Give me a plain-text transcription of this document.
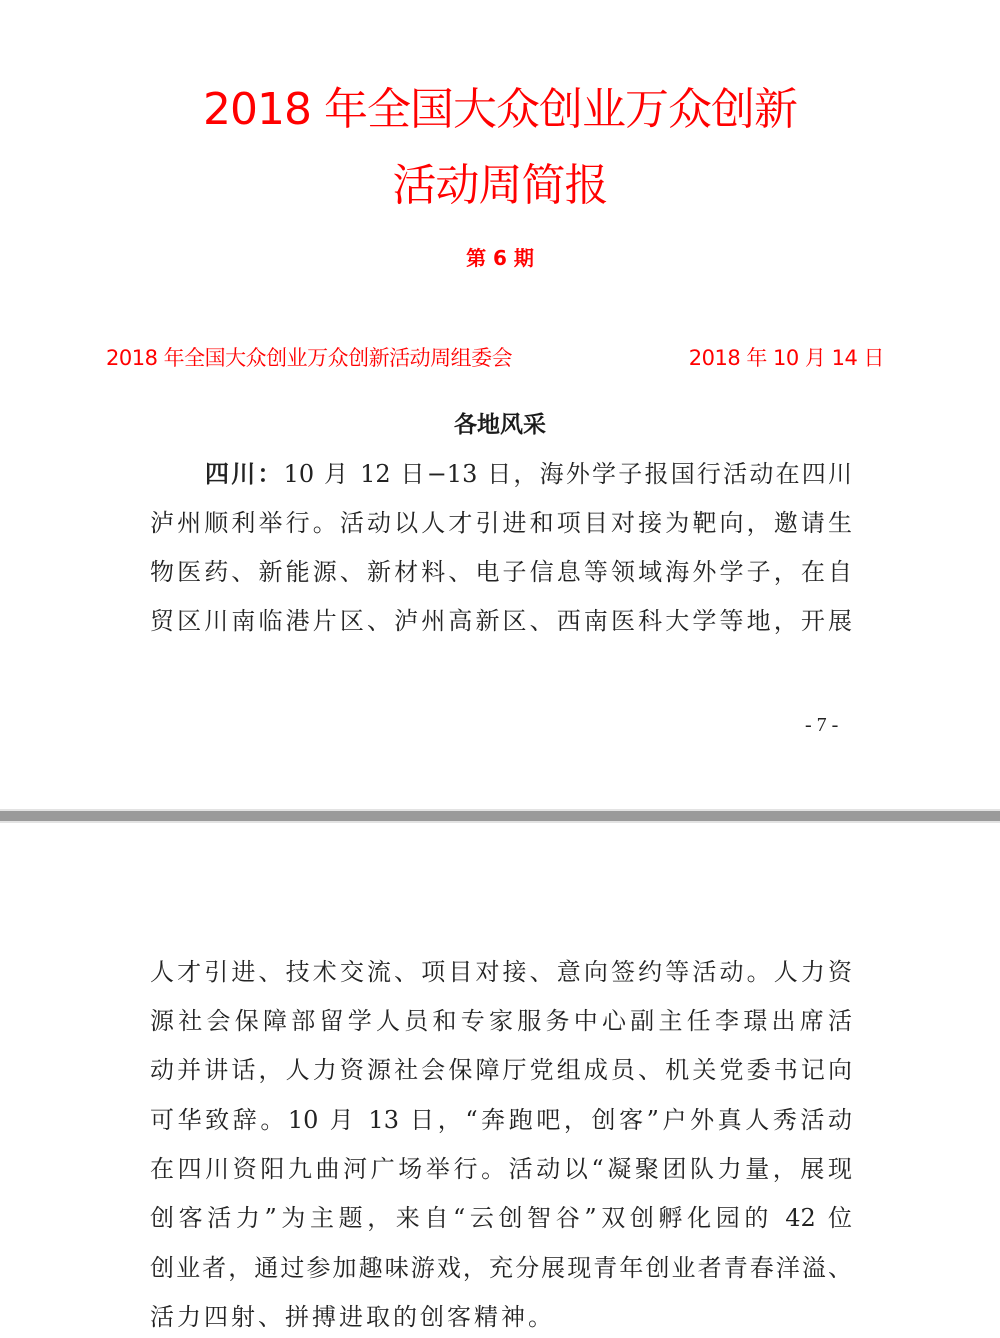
2018 年全国大众创业万众创新
活动周简报
第 6 期
2018 年全国大众创业万众创新活动周组委会	2018 年 10 月 14 日
各地风采
四川：10 月 12 日−13 日，海外学子报国行活动在四川
泸州顺利举行。活动以人才引进和项目对接为靶向，邀请生
物医药、新能源、新材料、电子信息等领域海外学子，在自
贸区川南临港片区、泸州高新区、西南医科大学等地，开展
- 7 -
人才引进、技术交流、项目对接、意向签约等活动。人力资
源社会保障部留学人员和专家服务中心副主任李璟出席活
动并讲话，人力资源社会保障厅党组成员、机关党委书记向
可华致辞。10 月 13 日，“奔跑吧，创客”户外真人秀活动
在四川资阳九曲河广场举行。活动以“凝聚团队力量，展现
创客活力”为主题，来自“云创智谷”双创孵化园的 42 位
创业者，通过参加趣味游戏，充分展现青年创业者青春洋溢、
活力四射、拼搏进取的创客精神。
